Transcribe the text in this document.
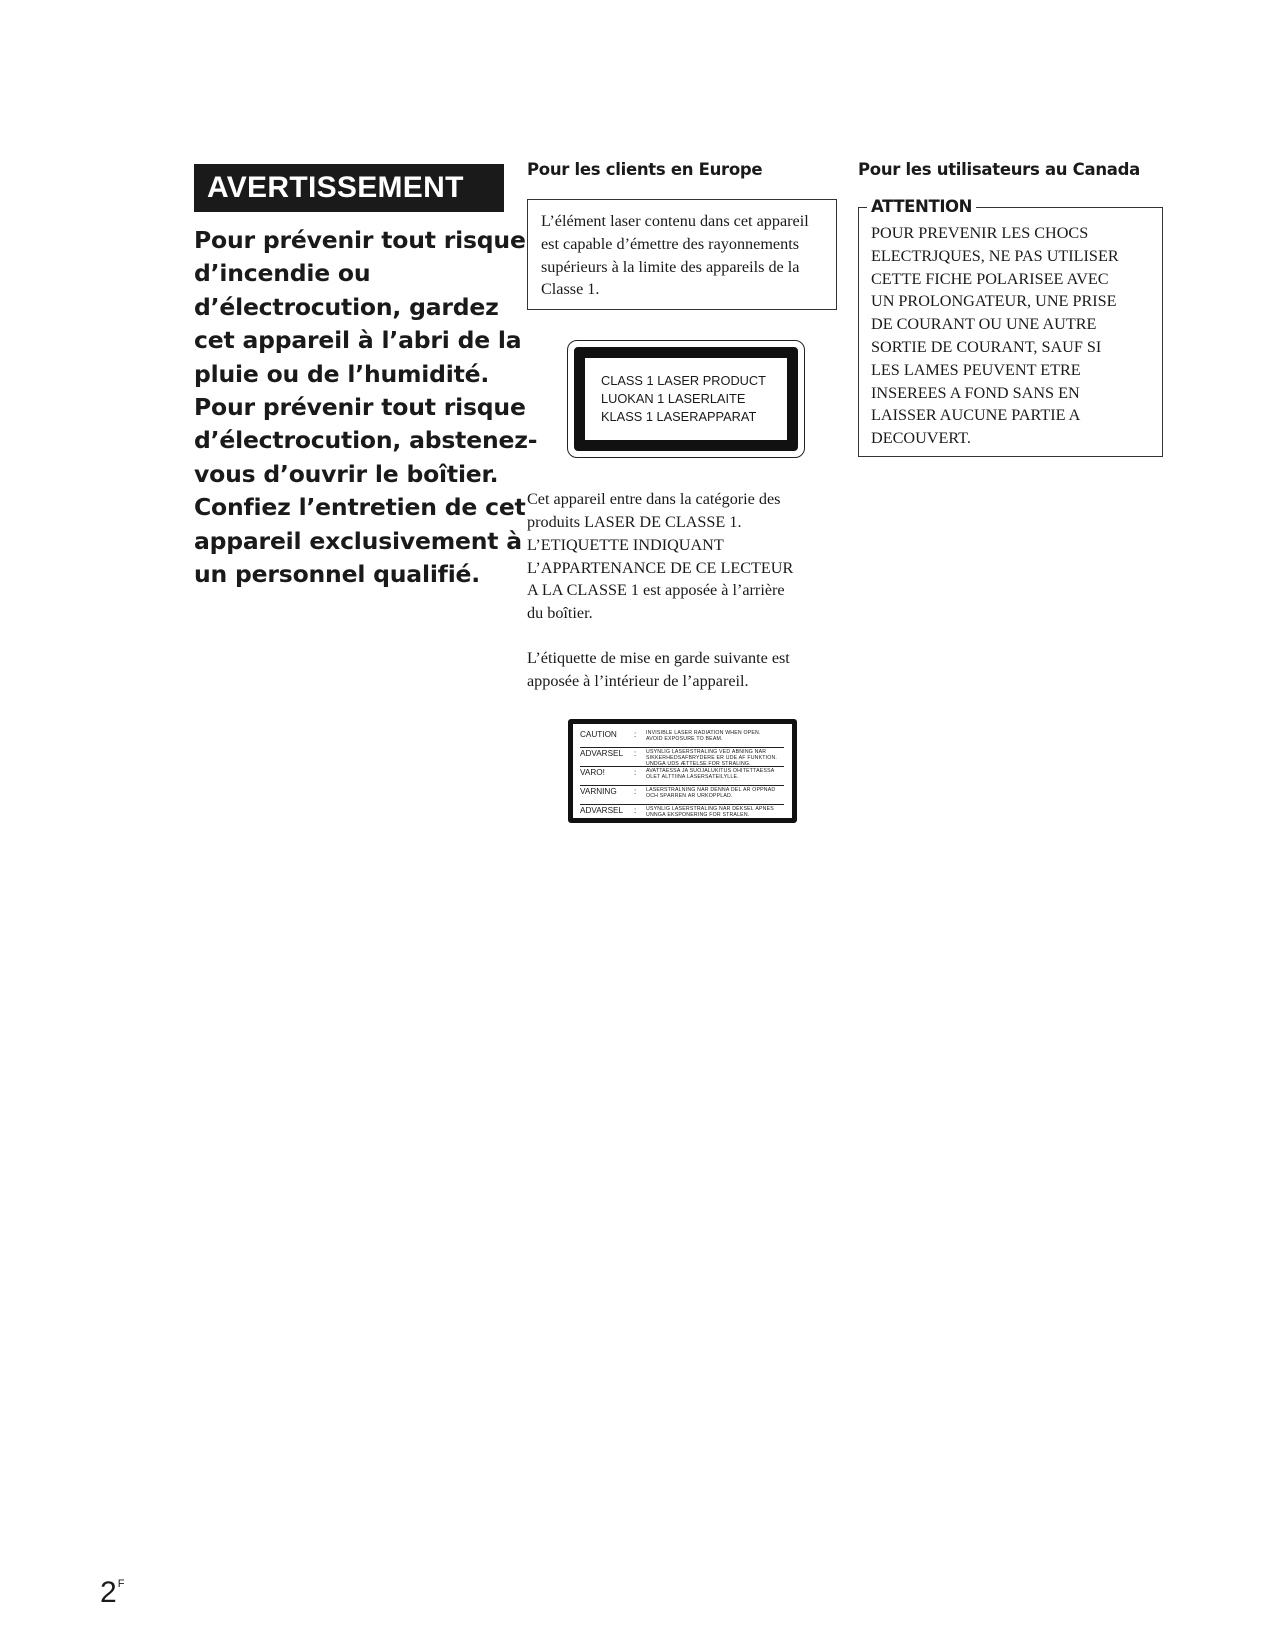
AVERTISSEMENT
Pour prévenir tout risque
d’incendie ou
d’électrocution, gardez
cet appareil à l’abri de la
pluie ou de l’humidité.
Pour prévenir tout risque
d’électrocution, abstenez-
vous d’ouvrir le boîtier.
Confiez l’entretien de cet
appareil exclusivement à
un personnel qualifié.
Pour les clients en Europe
L’élément laser contenu dans cet appareil est capable d’émettre des rayonnements supérieurs à la limite des appareils de la Classe 1.
CLASS 1 LASER PRODUCT
LUOKAN 1 LASERLAITE
KLASS 1 LASERAPPARAT
Cet appareil entre dans la catégorie des
produits LASER DE CLASSE 1.
L’ETIQUETTE INDIQUANT
L’APPARTENANCE DE CE LECTEUR
A LA CLASSE 1 est apposée à l’arrière
du boîtier.
L’étiquette de mise en garde suivante est
apposée à l’intérieur de l’appareil.
CAUTION	:	INVISIBLE LASER RADIATION WHEN OPEN.
AVOID EXPOSURE TO BEAM.
ADVARSEL	:	USYNLIG LASERSTRÅLING VED ÅBNING NÅR
SIKKERHEDSAFBRYDERE ER UDE AF FUNKTION.
UNDGÅ UDS ÆTTELSE FOR STRÅLING.
VARO!	:	AVATTAESSA JA SUOJALUKITUS OHITETTAESSA
OLET ALTTIINA LASERSÄTEILYLLE.
VARNING	:	LASERSTRÅLNING NÄR DENNA DEL ÄR ÖPPNAD
OCH SPÄRREN ÄR URKOPPLAD.
ADVARSEL	:	USYNLIG LASERSTRÅLING NÅR DEKSEL ÅPNES
UNNGÅ EKSPONERING FOR STRÅLEN.
Pour les utilisateurs au Canada
ATTENTION
POUR PREVENIR LES CHOCS
ELECTRJQUES, NE PAS UTILISER
CETTE FICHE POLARISEE AVEC
UN PROLONGATEUR, UNE PRISE
DE COURANT OU UNE AUTRE
SORTIE DE COURANT, SAUF SI
LES LAMES PEUVENT ETRE
INSEREES A FOND SANS EN
LAISSER AUCUNE PARTIE A
DECOUVERT.
$2^F$
